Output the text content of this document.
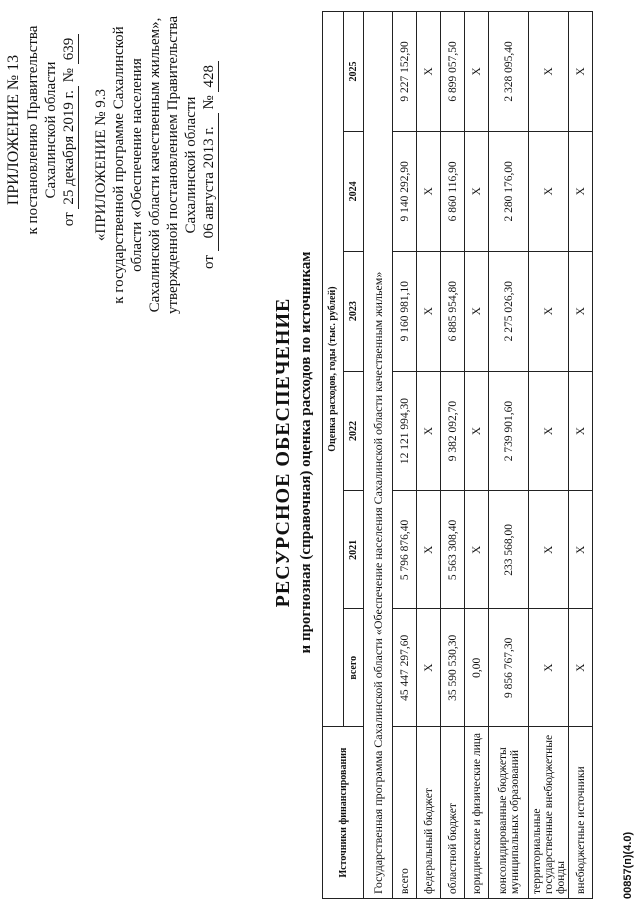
ПРИЛОЖЕНИЕ № 13 к постановлению Правительства Сахалинской области
от 25 декабря 2019 г. № 639
«ПРИЛОЖЕНИЕ № 9.3 к государственной программе Сахалинской области «Обеспечение населения Сахалинской области качественным жильем», утвержденной постановлением Правительства Сахалинской области
от 06 августа 2013 г. № 428
РЕСУРСНОЕ ОБЕСПЕЧЕНИЕ и прогнозная (справочная) оценка расходов по источникам
Источники финансирования	Оценка расходов, годы (тыс. рублей)					
	всего	2021	2022	2023	2024	2025
Государственная программа Сахалинской области «Обеспечение населения Сахалинской области качественным жильем»						
всего	45 447 297,60	5 796 876,40	12 121 994,30	9 160 981,10	9 140 292,90	9 227 152,90
федеральный бюджет	X	X	X	X	X	X
областной бюджет	35 590 530,30	5 563 308,40	9 382 092,70	6 885 954,80	6 860 116,90	6 899 057,50
юридические и физические лица	0,00	X	X	X	X	X
консолидированные бюджеты муниципальных образований	9 856 767,30	233 568,00	2 739 901,60	2 275 026,30	2 280 176,00	2 328 095,40
территориальные государственные внебюджетные фонды	X	X	X	X	X	X
внебюджетные источники	X	X	X	X	X	X
00857(п)(4.0)
